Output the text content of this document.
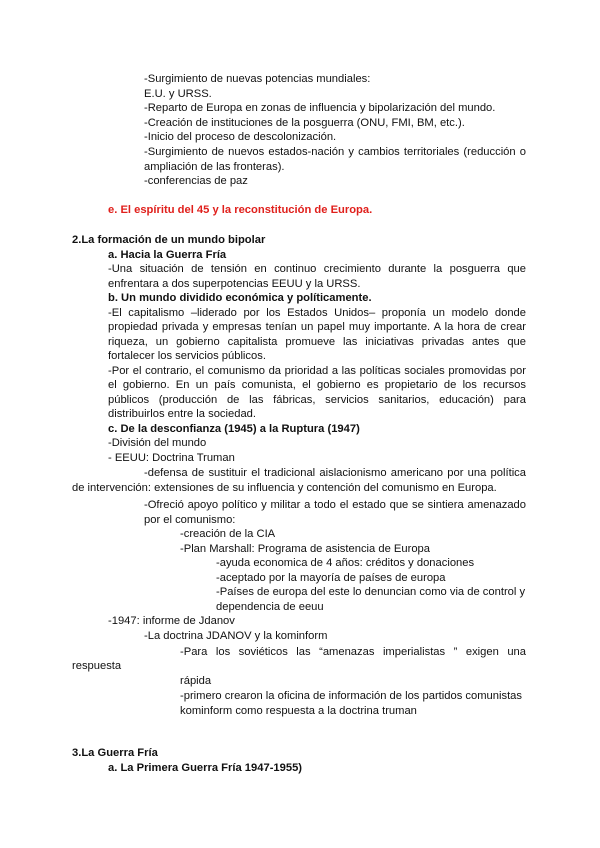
-Surgimiento de nuevas potencias mundiales:
E.U. y URSS.
-Reparto de Europa en zonas de influencia y bipolarización del mundo.
-Creación de instituciones de la posguerra (ONU, FMI, BM, etc.).
-Inicio del proceso de descolonización.
-Surgimiento de nuevos estados-nación y cambios territoriales (reducción o
ampliación de las fronteras).
-conferencias de paz
e. El espíritu del 45 y la reconstitución de Europa.
2.La formación de un mundo bipolar
a. Hacia la Guerra Fría
-Una situación de tensión en continuo crecimiento durante la posguerra que
enfrentara a dos superpotencias EEUU y la URSS.
b. Un mundo dividido económica y políticamente.
-El capitalismo –liderado por los Estados Unidos– proponía un modelo donde
propiedad privada y empresas tenían un papel muy importante. A la hora de crear
riqueza, un gobierno capitalista promueve las iniciativas privadas antes que
fortalecer los servicios públicos.
-Por el contrario, el comunismo da prioridad a las políticas sociales promovidas por
el gobierno. En un país comunista, el gobierno es propietario de los recursos
públicos (producción de las fábricas, servicios sanitarios, educación) para
distribuirlos entre la sociedad.
c. De la desconfianza (1945) a la Ruptura (1947)
-División del mundo
- EEUU: Doctrina Truman
-defensa de sustituir el tradicional aislacionismo americano por una política
de intervención: extensiones de su influencia y contención del comunismo en Europa.
-Ofreció apoyo político y militar a todo el estado que se sintiera amenazado
por el comunismo:
-creación de la CIA
-Plan Marshall: Programa de asistencia de Europa
-ayuda economica de 4 años: créditos y donaciones
-aceptado por la mayoría de países de europa
-Países de europa del este lo denuncian como via de control y
dependencia de eeuu
-1947: informe de Jdanov
-La doctrina JDANOV y la kominform
-Para los soviéticos las “amenazas imperialistas ” exigen una
respuesta
rápida
-primero crearon la oficina de información de los partidos comunistas
kominform como respuesta a la doctrina truman
3.La Guerra Fría
a. La Primera Guerra Fría 1947-1955)
